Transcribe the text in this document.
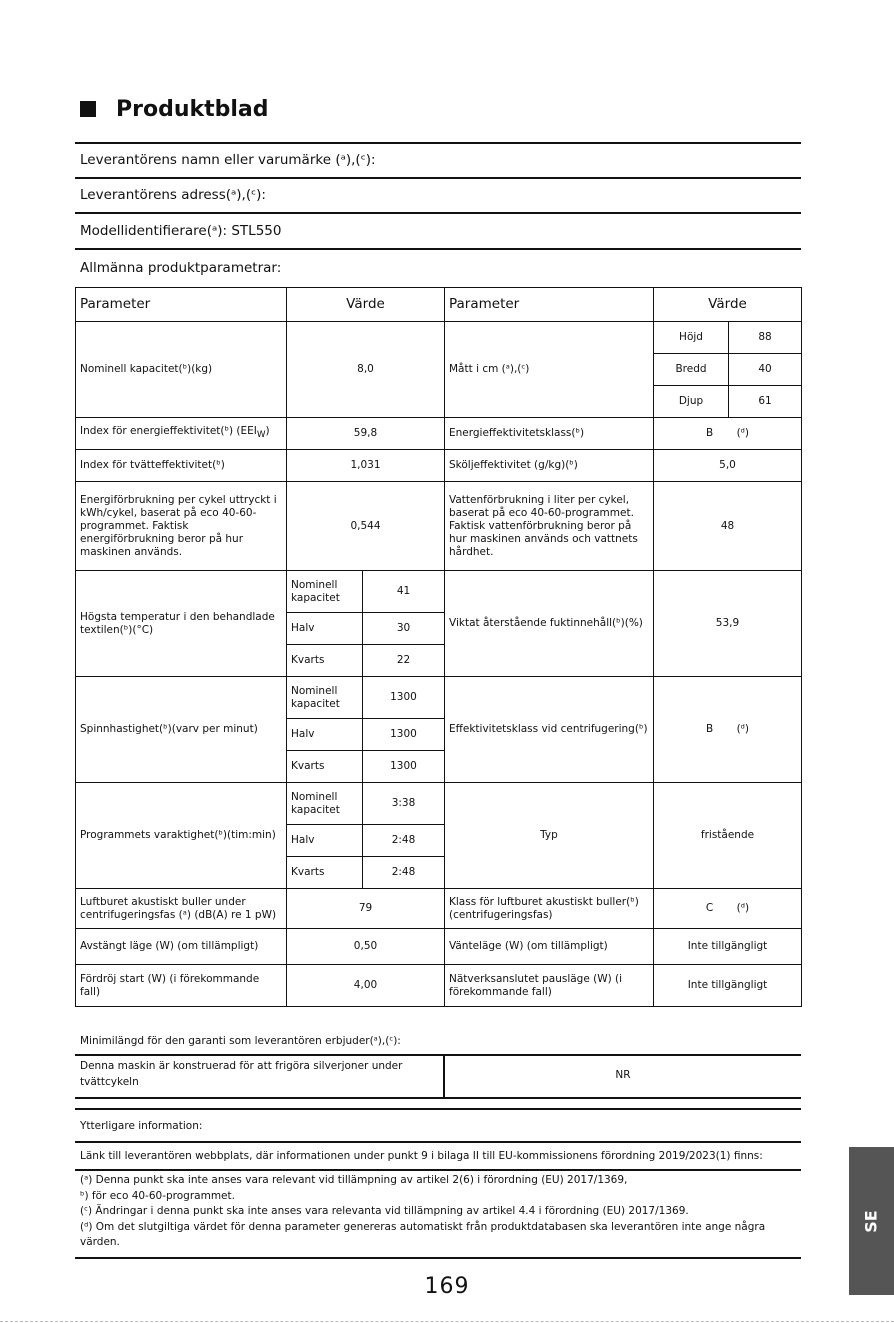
Produktblad
Leverantörens namn eller varumärke (ᵃ),(ᶜ):
Leverantörens adress(ᵃ),(ᶜ):
Modellidentifierare(ᵃ): STL550
Allmänna produktparametrar:
Parameter	Värde		Parameter	Värde	
Nominell kapacitet(ᵇ)(kg)	8,0		Mått i cm (ᵃ),(ᶜ)	Höjd	88
				Bredd	40
				Djup	61
Index för energieffektivitet(ᵇ) $(EEI_W)$	59,8		Energieffektivitetsklass(ᵇ)	B (ᵈ)	
Index för tvätteffektivitet(ᵇ)	1,031		Sköljeffektivitet (g/kg)(ᵇ)	5,0	
Energiförbrukning per cykel uttryckt i kWh/cykel, baserat på eco 40-60-programmet. Faktisk energiförbrukning beror på hur maskinen används.	0,544		Vattenförbrukning i liter per cykel, baserat på eco 40-60-programmet. Faktisk vattenförbrukning beror på hur maskinen används och vattnets hårdhet.	48	
Högsta temperatur i den behandlade textilen(ᵇ)(°C)	Nominell kapacitet	41	Viktat återstående fuktinnehåll(ᵇ)(%)	53,9	
	Halv	30			
	Kvarts	22			
Spinnhastighet(ᵇ)(varv per minut)	Nominell kapacitet	1300	Effektivitetsklass vid centrifugering(ᵇ)	B (ᵈ)	
	Halv	1300			
	Kvarts	1300			
Programmets varaktighet(ᵇ)(tim:min)	Nominell kapacitet	3:38	Typ	fristående	
	Halv	2:48			
	Kvarts	2:48			
Luftburet akustiskt buller under centrifugeringsfas (ᵃ) (dB(A) re 1 pW)	79		Klass för luftburet akustiskt buller(ᵇ) (centrifugeringsfas)	C (ᵈ)	
Avstängt läge (W) (om tillämpligt)	0,50		Vänteläge (W) (om tillämpligt)	Inte tillgängligt	
Fördröj start (W) (i förekommande fall)	4,00		Nätverksanslutet pausläge (W) (i förekommande fall)	Inte tillgängligt	
Minimilängd för den garanti som leverantören erbjuder(ᵃ),(ᶜ):
Denna maskin är konstruerad för att frigöra silverjoner under tvättcykeln
NR
Ytterligare information:
Länk till leverantören webbplats, där informationen under punkt 9 i bilaga II till EU-kommissionens förordning 2019/2023(1) finns:
(ᵃ) Denna punkt ska inte anses vara relevant vid tillämpning av artikel 2(6) i förordning (EU) 2017/1369,
ᵇ) för eco 40-60-programmet.
(ᶜ) Ändringar i denna punkt ska inte anses vara relevanta vid tillämpning av artikel 4.4 i förordning (EU) 2017/1369.
(ᵈ) Om det slutgiltiga värdet för denna parameter genereras automatiskt från produktdatabasen ska leverantören inte ange några värden.
169
SE
